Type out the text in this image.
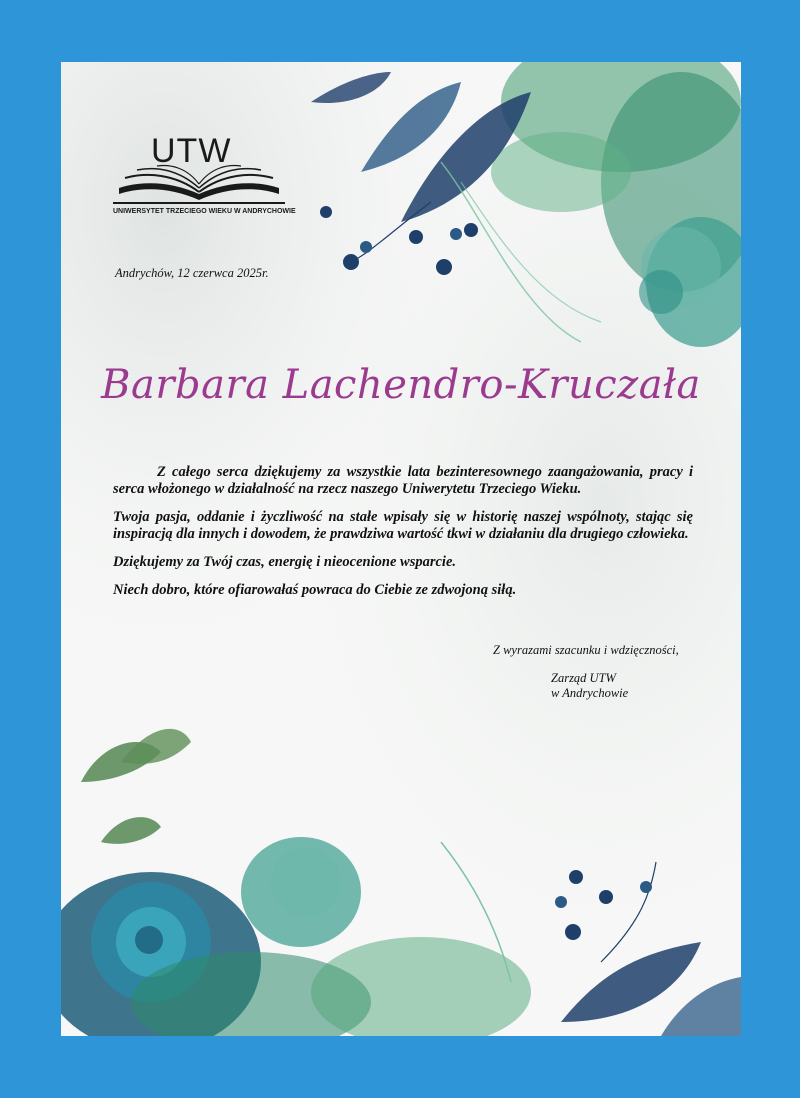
UTW
UNIWERSYTET TRZECIEGO WIEKU W ANDRYCHOWIE
Andrychów, 12 czerwca 2025r.
Barbara Lachendro-Kruczała

Z całego serca dziękujemy za wszystkie lata bezinteresownego zaangażowania, pracy i serca włożonego w działalność na rzecz naszego Uniwerytetu Trzeciego Wieku.

Twoja pasja, oddanie i życzliwość na stałe wpisały się w historię naszej wspólnoty, stając się inspiracją dla innych i dowodem, że prawdziwa wartość tkwi w działaniu dla drugiego człowieka.

Dziękujemy za Twój czas, energię i nieocenione wsparcie.

Niech dobro, które ofiarowałaś powraca do Ciebie ze zdwojoną siłą.

Z wyrazami szacunku i wdzięczności,
Zarząd UTW
w Andrychowie
